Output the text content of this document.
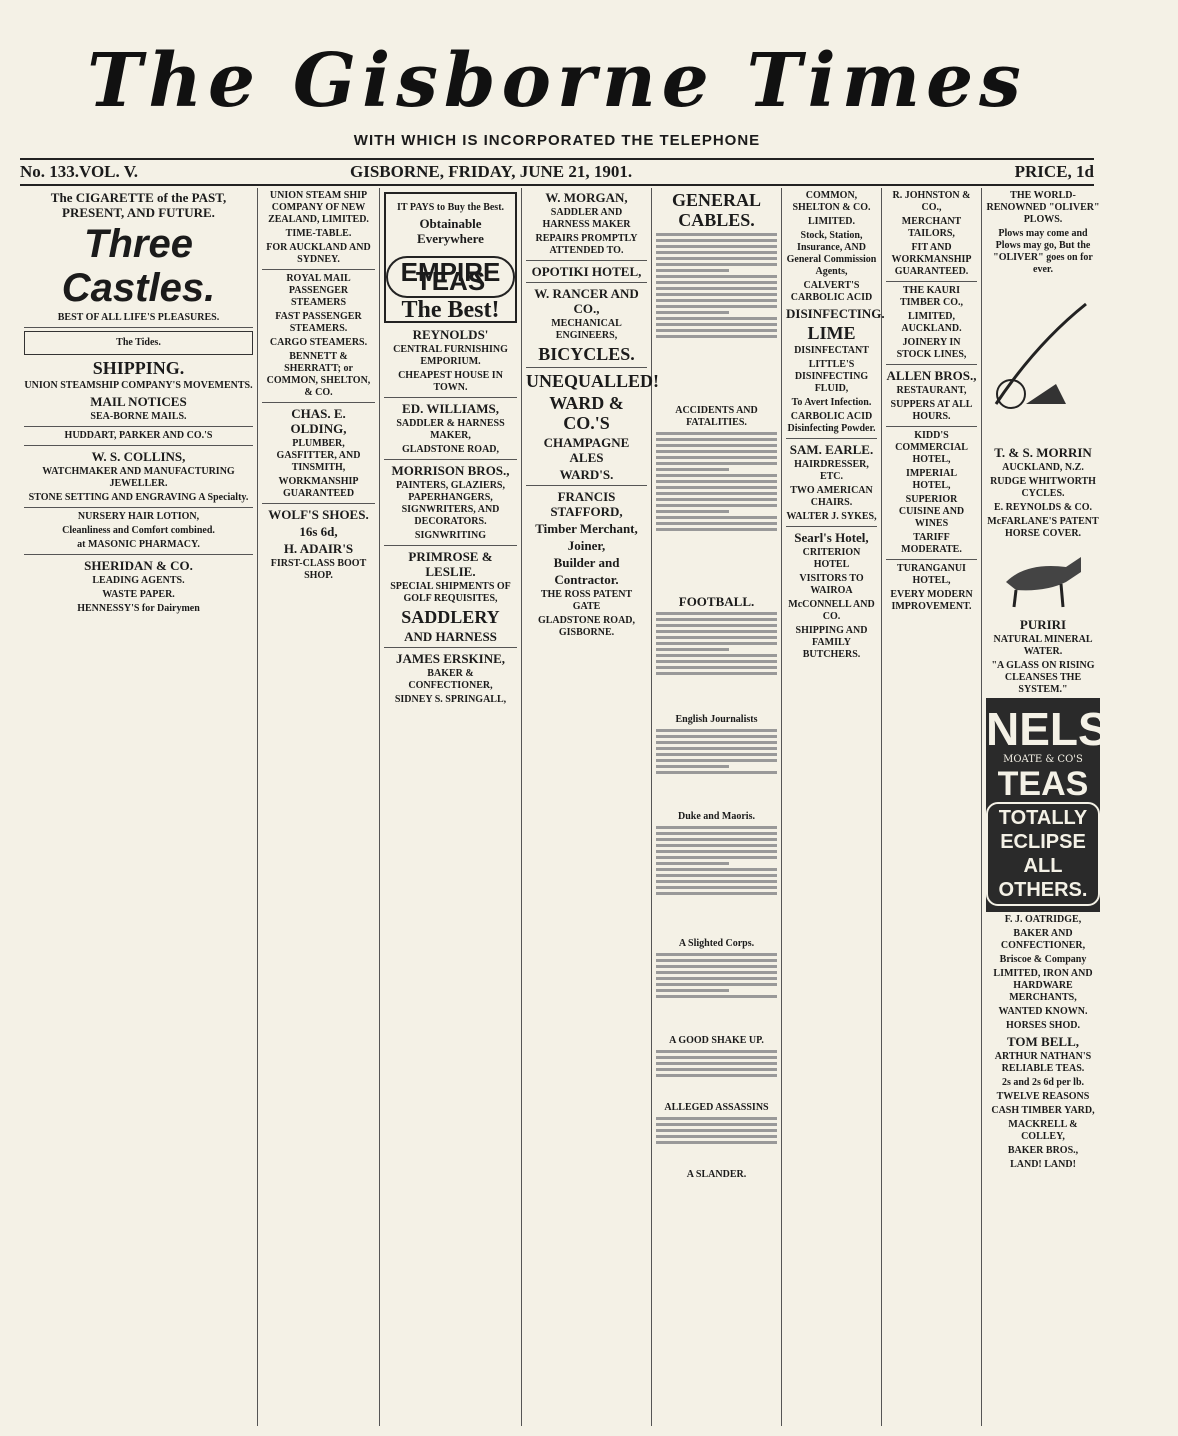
The Gisborne Times
WITH WHICH IS INCORPORATED THE TELEPHONE
No. 133.VOL. V.	GISBORNE, FRIDAY, JUNE 21, 1901.	PRICE, 1d
The CIGARETTE of the PAST, PRESENT, AND FUTURE.
Three Castles.
BEST OF ALL LIFE'S PLEASURES.
The Tides.
SHIPPING.
UNION STEAMSHIP COMPANY'S MOVEMENTS.
MAIL NOTICES
SEA-BORNE MAILS.
HUDDART, PARKER AND CO.'S
W. S. COLLINS,
WATCHMAKER AND MANUFACTURING JEWELLER.
STONE SETTING AND ENGRAVING A Specialty.
NURSERY HAIR LOTION,
Cleanliness and Comfort combined.
at MASONIC PHARMACY.
SHERIDAN & CO.
LEADING AGENTS.
WASTE PAPER.
HENNESSY'S for Dairymen
UNION STEAM SHIP COMPANY OF NEW ZEALAND, LIMITED.
TIME-TABLE.
FOR AUCKLAND AND SYDNEY.
ROYAL MAIL PASSENGER STEAMERS
FAST PASSENGER STEAMERS.
CARGO STEAMERS.
BENNETT & SHERRATT; or COMMON, SHELTON, & CO.
CHAS. E. OLDING,
PLUMBER, GASFITTER, AND TINSMITH,
WORKMANSHIP GUARANTEED
WOLF'S SHOES.
16s 6d,
H. ADAIR'S
FIRST-CLASS BOOT SHOP.
IT PAYS to Buy the Best.
Obtainable Everywhere
EMPIRE TEAS
The Best!
REYNOLDS'
CENTRAL FURNISHING EMPORIUM.
CHEAPEST HOUSE IN TOWN.
ED. WILLIAMS,
SADDLER & HARNESS MAKER,
GLADSTONE ROAD,
MORRISON BROS.,
PAINTERS, GLAZIERS, PAPERHANGERS, SIGNWRITERS, AND DECORATORS.
SIGNWRITING
PRIMROSE & LESLIE.
SPECIAL SHIPMENTS OF GOLF REQUISITES,
SADDLERY
AND HARNESS
JAMES ERSKINE,
BAKER & CONFECTIONER,
SIDNEY S. SPRINGALL,
W. MORGAN,
SADDLER AND HARNESS MAKER
REPAIRS PROMPTLY ATTENDED TO.
OPOTIKI HOTEL,
W. RANCER AND CO.,
MECHANICAL ENGINEERS,
BICYCLES.
UNEQUALLED!
WARD & CO.'S
CHAMPAGNE ALES
WARD'S.
FRANCIS STAFFORD,
Timber Merchant,
Joiner,
Builder and
Contractor.
THE ROSS PATENT GATE
GLADSTONE ROAD, GISBORNE.
GENERAL CABLES.
ACCIDENTS AND FATALITIES.
FOOTBALL.
English Journalists
Duke and Maoris.
A Slighted Corps.
A GOOD SHAKE UP.
ALLEGED ASSASSINS
A SLANDER.
COMMON, SHELTON & CO.
LIMITED.
Stock, Station, Insurance, AND General Commission Agents,
CALVERT'S CARBOLIC ACID
DISINFECTING.
LIME
DISINFECTANT
LITTLE'S DISINFECTING FLUID,
To Avert Infection.
CARBOLIC ACID Disinfecting Powder.
SAM. EARLE.
HAIRDRESSER, ETC.
TWO AMERICAN CHAIRS.
WALTER J. SYKES,
Searl's Hotel,
CRITERION HOTEL
VISITORS TO WAIROA
McCONNELL AND CO.
SHIPPING AND FAMILY BUTCHERS.
R. JOHNSTON & CO.,
MERCHANT TAILORS,
FIT AND WORKMANSHIP GUARANTEED.
THE KAURI TIMBER CO.,
LIMITED, AUCKLAND.
JOINERY IN STOCK LINES,
ALLEN BROS.,
RESTAURANT,
SUPPERS AT ALL HOURS.
KIDD'S COMMERCIAL HOTEL,
IMPERIAL HOTEL,
SUPERIOR CUISINE AND WINES
TARIFF MODERATE.
TURANGANUI HOTEL,
EVERY MODERN IMPROVEMENT.
THE WORLD-RENOWNED "OLIVER" PLOWS.
Plows may come and Plows may go, But the "OLIVER" goes on for ever.
T. & S. MORRIN
AUCKLAND, N.Z.
RUDGE WHITWORTH CYCLES.
E. REYNOLDS & CO.
McFARLANE'S PATENT HORSE COVER.
PURIRI
NATURAL MINERAL WATER.
"A GLASS ON RISING CLEANSES THE SYSTEM."
NELSON
MOATE & CO'S
TEAS
TOTALLY ECLIPSE ALL OTHERS.
F. J. OATRIDGE,
BAKER AND CONFECTIONER,
Briscoe & Company
LIMITED, IRON AND HARDWARE MERCHANTS,
WANTED KNOWN.
HORSES SHOD.
TOM BELL,
ARTHUR NATHAN'S RELIABLE TEAS.
2s and 2s 6d per lb.
TWELVE REASONS
CASH TIMBER YARD,
MACKRELL & COLLEY,
BAKER BROS.,
LAND! LAND!
